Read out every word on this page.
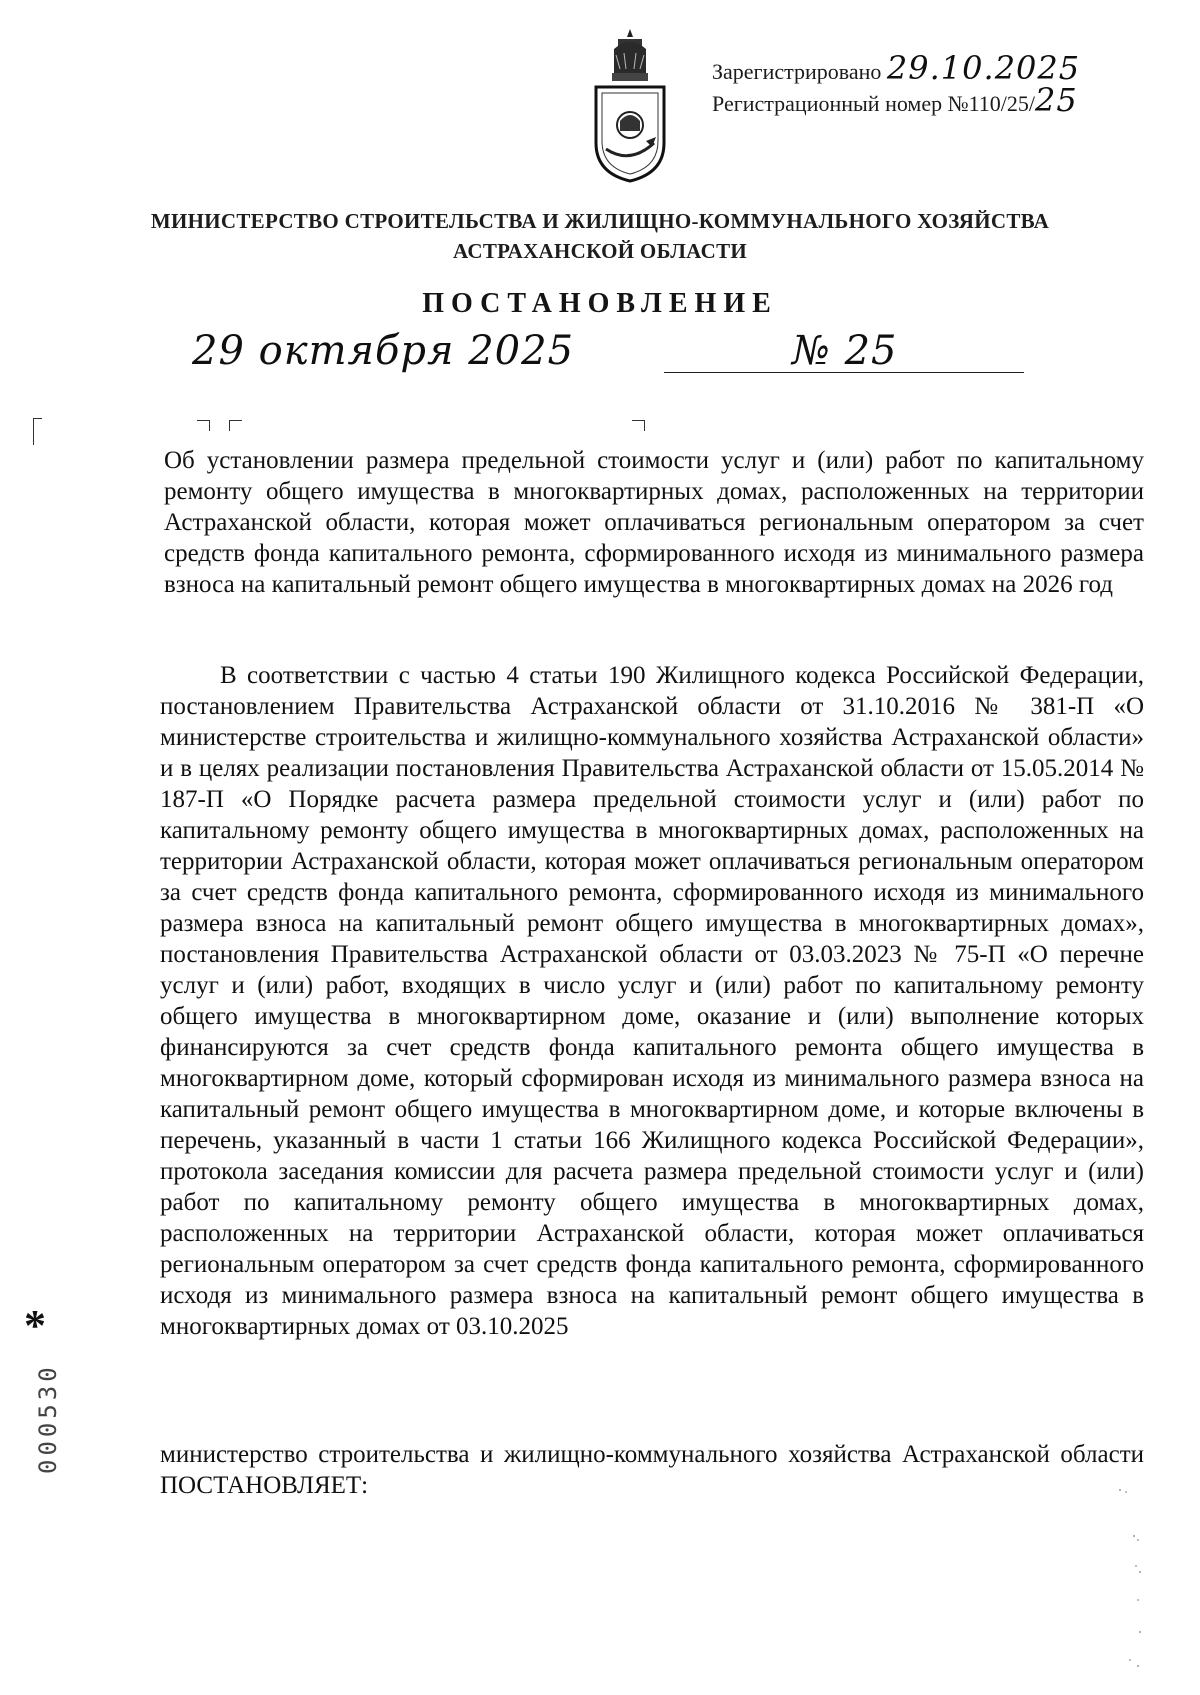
Зарегистрировано 29.10.2025
Регистрационный номер №110/25/25
МИНИСТЕРСТВО СТРОИТЕЛЬСТВА И ЖИЛИЩНО-КОММУНАЛЬНОГО ХОЗЯЙСТВА
АСТРАХАНСКОЙ ОБЛАСТИ
ПОСТАНОВЛЕНИЕ
29 октября 2025	№ 25

Об установлении размера предельной стоимости услуг и (или) работ по капитальному ремонту общего имущества в многоквартирных домах, расположенных на территории Астраханской области, которая может оплачиваться региональным оператором за счет средств фонда капитального ремонта, сформированного исходя из минимального размера взноса на капитальный ремонт общего имущества в многоквартирных домах на 2026 год

В соответствии с частью 4 статьи 190 Жилищного кодекса Российской Федерации, постановлением Правительства Астраханской области от 31.10.2016 № 381-П «О министерстве строительства и жилищно-коммунального хозяйства Астраханской области» и в целях реализации постановления Правительства Астраханской области от 15.05.2014 № 187-П «О Порядке расчета размера предельной стоимости услуг и (или) работ по капитальному ремонту общего имущества в многоквартирных домах, расположенных на территории Астраханской области, которая может оплачиваться региональным оператором за счет средств фонда капитального ремонта, сформированного исходя из минимального размера взноса на капитальный ремонт общего имущества в многоквартирных домах», постановления Правительства Астраханской области от 03.03.2023 № 75-П «О перечне услуг и (или) работ, входящих в число услуг и (или) работ по капитальному ремонту общего имущества в многоквартирном доме, оказание и (или) выполнение которых финансируются за счет средств фонда капитального ремонта общего имущества в многоквартирном доме, который сформирован исходя из минимального размера взноса на капитальный ремонт общего имущества в многоквартирном доме, и которые включены в перечень, указанный в части 1 статьи 166 Жилищного кодекса Российской Федерации», протокола заседания комиссии для расчета размера предельной стоимости услуг и (или) работ по капитальному ремонту общего имущества в многоквартирных домах, расположенных на территории Астраханской области, которая может оплачиваться региональным оператором за счет средств фонда капитального ремонта, сформированного исходя из минимального размера взноса на капитальный ремонт общего имущества в многоквартирных домах от 03.10.2025

министерство строительства и жилищно-коммунального хозяйства Астраханской области ПОСТАНОВЛЯЕТ:

*
000530
